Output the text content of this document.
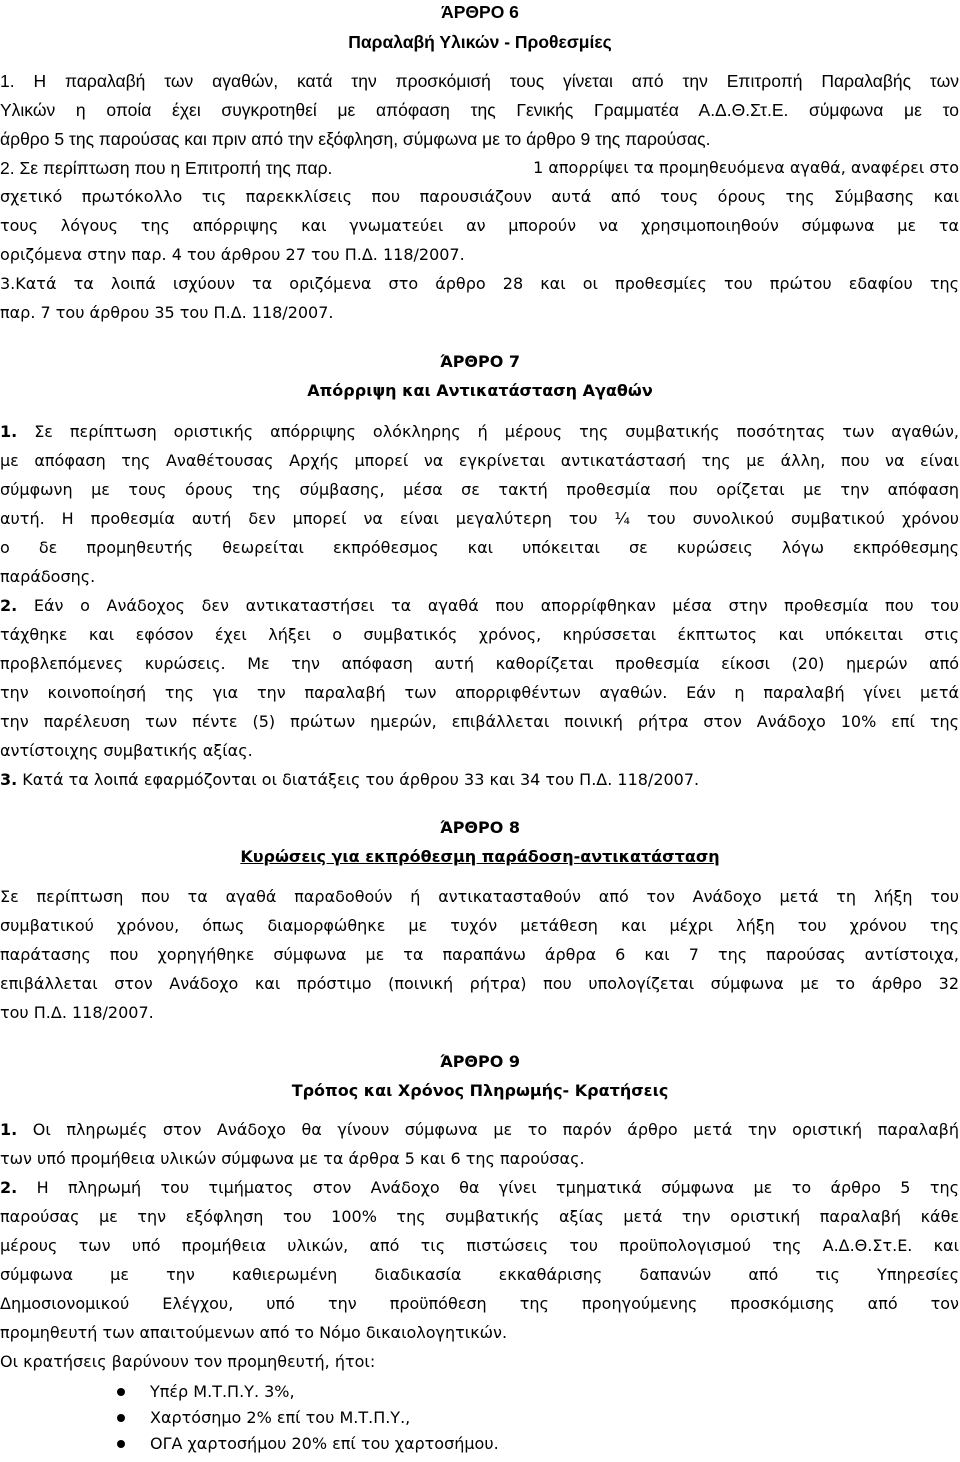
ΆΡΘΡΟ 6
Παραλαβή Υλικών - Προθεσμίες
1. Η παραλαβή των αγαθών, κατά την προσκόμισή τους γίνεται από την Επιτροπή Παραλαβής των
Υλικών η οποία έχει συγκροτηθεί με απόφαση της Γενικής Γραμματέα Α.Δ.Θ.Στ.Ε. σύμφωνα με το
άρθρο 5 της παρούσας και πριν από την εξόφληση, σύμφωνα με το άρθρο 9 της παρούσας.
2. Σε περίπτωση που η Επιτροπή της παρ.	1 απορρίψει τα προμηθευόμενα αγαθά, αναφέρει στο
σχετικό πρωτόκολλο τις παρεκκλίσεις που παρουσιάζουν αυτά από τους όρους της Σύμβασης και
τους λόγους της απόρριψης και γνωματεύει αν μπορούν να χρησιμοποιηθούν σύμφωνα με τα
οριζόμενα στην παρ. 4 του άρθρου 27 του Π.Δ. 118/2007.
3.Κατά τα λοιπά ισχύουν τα οριζόμενα στο άρθρο 28 και οι προθεσμίες του πρώτου εδαφίου της
παρ. 7 του άρθρου 35 του Π.Δ. 118/2007.
ΆΡΘΡΟ 7
Απόρριψη και Αντικατάσταση Αγαθών
1. Σε περίπτωση οριστικής απόρριψης ολόκληρης ή μέρους της συμβατικής ποσότητας των αγαθών,
με απόφαση της Αναθέτουσας Αρχής μπορεί να εγκρίνεται αντικατάστασή της με άλλη, που να είναι
σύμφωνη με τους όρους της σύμβασης, μέσα σε τακτή προθεσμία που ορίζεται με την απόφαση
αυτή. Η προθεσμία αυτή δεν μπορεί να είναι μεγαλύτερη του ¼ του συνολικού συμβατικού χρόνου
ο δε προμηθευτής θεωρείται εκπρόθεσμος και υπόκειται σε κυρώσεις λόγω εκπρόθεσμης
παράδοσης.
2. Εάν ο Ανάδοχος δεν αντικαταστήσει τα αγαθά που απορρίφθηκαν μέσα στην προθεσμία που του
τάχθηκε και εφόσον έχει λήξει ο συμβατικός χρόνος, κηρύσσεται έκπτωτος και υπόκειται στις
προβλεπόμενες κυρώσεις. Με την απόφαση αυτή καθορίζεται προθεσμία είκοσι (20) ημερών από
την κοινοποίησή της για την παραλαβή των απορριφθέντων αγαθών. Εάν η παραλαβή γίνει μετά
την παρέλευση των πέντε (5) πρώτων ημερών, επιβάλλεται ποινική ρήτρα στον Ανάδοχο 10% επί της
αντίστοιχης συμβατικής αξίας.
3. Κατά τα λοιπά εφαρμόζονται οι διατάξεις του άρθρου 33 και 34 του Π.Δ. 118/2007.
ΆΡΘΡΟ 8
Κυρώσεις για εκπρόθεσμη παράδοση-αντικατάσταση
Σε περίπτωση που τα αγαθά παραδοθούν ή αντικατασταθούν από τον Ανάδοχο μετά τη λήξη του
συμβατικού χρόνου, όπως διαμορφώθηκε με τυχόν μετάθεση και μέχρι λήξη του χρόνου της
παράτασης που χορηγήθηκε σύμφωνα με τα παραπάνω άρθρα 6 και 7 της παρούσας αντίστοιχα,
επιβάλλεται στον Ανάδοχο και πρόστιμο (ποινική ρήτρα) που υπολογίζεται σύμφωνα με το άρθρο 32
του Π.Δ. 118/2007.
ΆΡΘΡΟ 9
Τρόπος και Χρόνος Πληρωμής- Κρατήσεις
1. Οι πληρωμές στον Ανάδοχο θα γίνουν σύμφωνα με το παρόν άρθρο μετά την οριστική παραλαβή
των υπό προμήθεια υλικών σύμφωνα με τα άρθρα 5 και 6 της παρούσας.
2. Η πληρωμή του τιμήματος στον Ανάδοχο θα γίνει τμηματικά σύμφωνα με το άρθρο 5 της
παρούσας με την εξόφληση του 100% της συμβατικής αξίας μετά την οριστική παραλαβή κάθε
μέρους των υπό προμήθεια υλικών, από τις πιστώσεις του προϋπολογισμού της Α.Δ.Θ.Στ.Ε. και
σύμφωνα με την καθιερωμένη διαδικασία εκκαθάρισης δαπανών από τις Υπηρεσίες
Δημοσιονομικού Ελέγχου, υπό την προϋπόθεση της προηγούμενης προσκόμισης από τον
προμηθευτή των απαιτούμενων από το Νόμο δικαιολογητικών.
Οι κρατήσεις βαρύνουν τον προμηθευτή, ήτοι:
Υπέρ Μ.Τ.Π.Υ. 3%,
Χαρτόσημο 2% επί του Μ.Τ.Π.Υ.,
ΟΓΑ χαρτοσήμου 20% επί του χαρτοσήμου.
